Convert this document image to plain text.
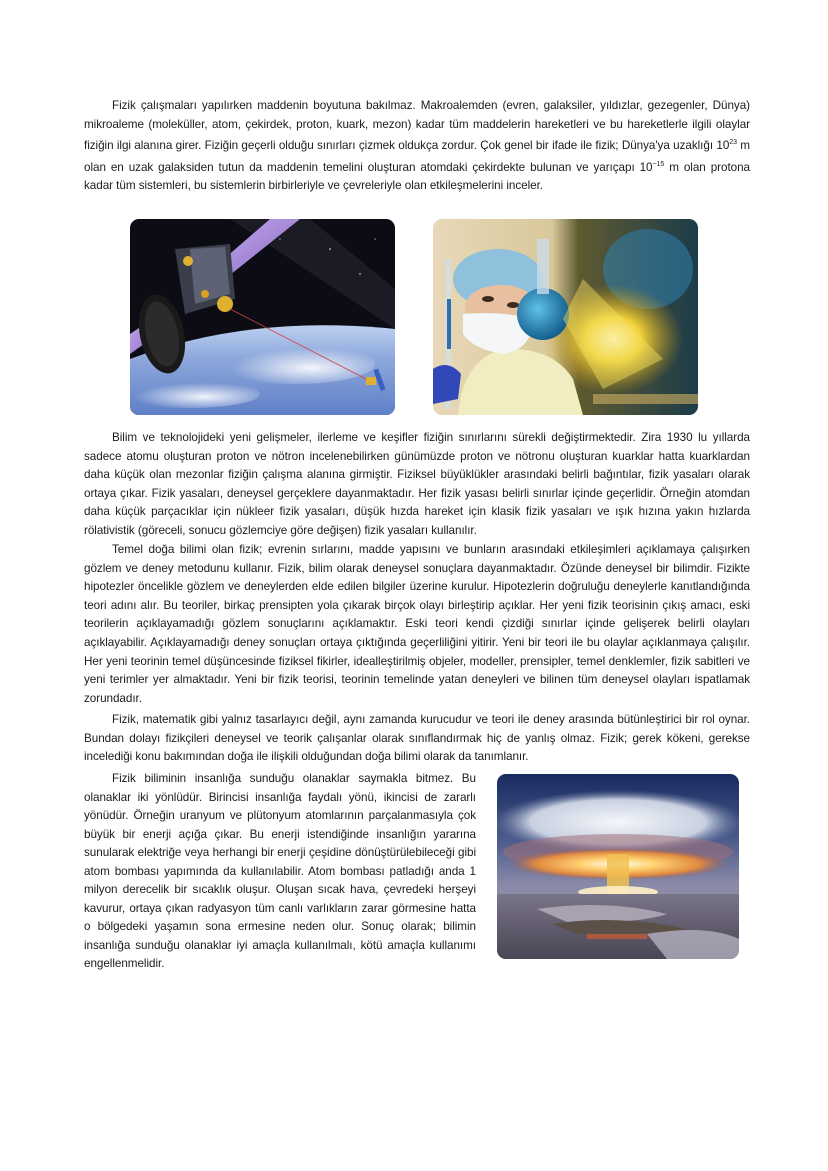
Fizik çalışmaları yapılırken maddenin boyutuna bakılmaz. Makroalemden (evren, galaksiler, yıldızlar, gezegenler, Dünya) mikroaleme (moleküller, atom, çekirdek, proton, kuark, mezon) kadar tüm maddelerin hareketleri ve bu hareketlerle ilgili olaylar fiziğin ilgi alanına girer. Fiziğin geçerli olduğu sınırları çizmek oldukça zordur. Çok genel bir ifade ile fizik; Dünya'ya uzaklığı $10^{23}$ m olan en uzak galaksiden tutun da maddenin temelini oluşturan atomdaki çekirdekte bulunan ve yarıçapı $10^{-15}$ m olan protona kadar tüm sistemleri, bu sistemlerin birbirleriyle ve çevreleriyle olan etkileşmelerini inceler.

Bilim ve teknolojideki yeni gelişmeler, ilerleme ve keşifler fiziğin sınırlarını sürekli değiştirmektedir. Zira 1930 lu yıllarda sadece atomu oluşturan proton ve nötron incelenebilirken günümüzde proton ve nötronu oluşturan kuarklar hatta kuarklardan daha küçük olan mezonlar fiziğin çalışma alanına girmiştir. Fiziksel büyüklükler arasındaki belirli bağıntılar, fizik yasaları olarak ortaya çıkar. Fizik yasaları, deneysel gerçeklere dayanmaktadır. Her fizik yasası belirli sınırlar içinde geçerlidir. Örneğin atomdan daha küçük parçacıklar için nükleer fizik yasaları, düşük hızda hareket için klasik fizik yasaları ve ışık hızına yakın hızlarda rölativistik (göreceli, sonucu gözlemciye göre değişen) fizik yasaları kullanılır.

Temel doğa bilimi olan fizik; evrenin sırlarını, madde yapısını ve bunların arasındaki etkileşimleri açıklamaya çalışırken gözlem ve deney metodunu kullanır. Fizik, bilim olarak deneysel sonuçlara dayanmaktadır. Özünde deneysel bir bilimdir. Fizikte hipotezler öncelikle gözlem ve deneylerden elde edilen bilgiler üzerine kurulur. Hipotezlerin doğruluğu deneylerle kanıtlandığında teori adını alır. Bu teoriler, birkaç prensipten yola çıkarak birçok olayı birleştirip açıklar. Her yeni fizik teorisinin çıkış amacı, eski teorilerin açıklayamadığı gözlem sonuçlarını açıklamaktır. Eski teori kendi çizdiği sınırlar içinde gelişerek belirli olayları açıklayabilir. Açıklayamadığı deney sonuçları ortaya çıktığında geçerliliğini yitirir. Yeni bir teori ile bu olaylar açıklanmaya çalışılır. Her yeni teorinin temel düşüncesinde fiziksel fikirler, idealleştirilmiş objeler, modeller, prensipler, temel denklemler, fizik sabitleri ve yeni terimler yer almaktadır. Yeni bir fizik teorisi, teorinin temelinde yatan deneyleri ve bilinen tüm deneysel olayları ispatlamak zorundadır.

Fizik, matematik gibi yalnız tasarlayıcı değil, aynı zamanda kurucudur ve teori ile deney arasında bütünleştirici bir rol oynar. Bundan dolayı fizikçileri deneysel ve teorik çalışanlar olarak sınıflandırmak hiç de yanlış olmaz. Fizik; gerek kökeni, gerekse incelediği konu bakımından doğa ile ilişkili olduğundan doğa bilimi olarak da tanımlanır.

Fizik biliminin insanlığa sunduğu olanaklar saymakla bitmez. Bu olanaklar iki yönlüdür. Birincisi insanlığa faydalı yönü, ikincisi de zararlı yönüdür. Örneğin uranyum ve plütonyum atomlarının parçalanmasıyla çok büyük bir enerji açığa çıkar. Bu enerji istendiğinde insanlığın yararına sunularak elektriğe veya herhangi bir enerji çeşidine dönüştürülebileceği gibi atom bombası yapımında da kullanılabilir. Atom bombası patladığı anda 1 milyon derecelik bir sıcaklık oluşur. Oluşan sıcak hava, çevredeki herşeyi kavurur, ortaya çıkan radyasyon tüm canlı varlıkların zarar görmesine hatta o bölgedeki yaşamın sona ermesine neden olur. Sonuç olarak; bilimin insanlığa sunduğu olanaklar iyi amaçla kullanılmalı, kötü amaçla kullanımı engellenmelidir.
